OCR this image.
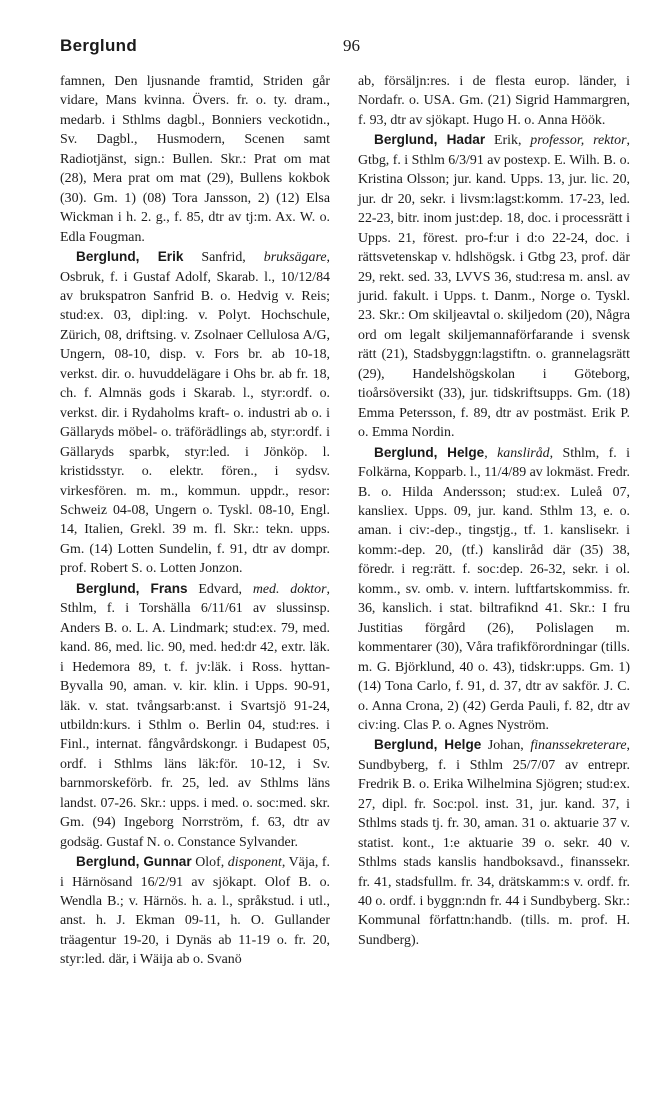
Berglund	96

famnen, Den ljusnande framtid, Striden går vidare, Mans kvinna. Övers. fr. o. ty. dram., medarb. i Sthlms dagbl., Bonniers veckotidn., Sv. Dagbl., Husmodern, Scenen samt Radiotjänst, sign.: Bullen. Skr.: Prat om mat (28), Mera prat om mat (29), Bullens kokbok (30). Gm. 1) (08) Tora Jansson, 2) (12) Elsa Wickman i h. 2. g., f. 85, dtr av tj:m. Ax. W. o. Edla Fougman.

Berglund, Erik Sanfrid, bruksägare, Osbruk, f. i Gustaf Adolf, Skarab. l., 10/12/84 av brukspatron Sanfrid B. o. Hedvig v. Reis; stud:ex. 03, dipl:ing. v. Polyt. Hochschule, Zürich, 08, driftsing. v. Zsolnaer Cellulosa A/G, Ungern, 08-10, disp. v. Fors br. ab 10-18, verkst. dir. o. huvuddelägare i Ohs br. ab fr. 18, ch. f. Almnäs gods i Skarab. l., styr:ordf. o. verkst. dir. i Rydaholms kraft- o. industri ab o. i Gällaryds möbel- o. träförädlings ab, styr:ordf. i Gällaryds sparbk, styr:led. i Jönköp. l. kristidsstyr. o. elektr. fören., i sydsv. virkesfören. m. m., kommun. uppdr., resor: Schweiz 04-08, Ungern o. Tyskl. 08-10, Engl. 14, Italien, Grekl. 39 m. fl. Skr.: tekn. upps. Gm. (14) Lotten Sundelin, f. 91, dtr av dompr. prof. Robert S. o. Lotten Jonzon.

Berglund, Frans Edvard, med. doktor, Sthlm, f. i Torshälla 6/11/61 av slussinsp. Anders B. o. L. A. Lindmark; stud:ex. 79, med. kand. 86, med. lic. 90, med. hed:dr 42, extr. läk. i Hedemora 89, t. f. jv:läk. i Ross. hyttan-Byvalla 90, aman. v. kir. klin. i Upps. 90-91, läk. v. stat. tvångsarb:anst. i Svartsjö 91-24, utbildn:kurs. i Sthlm o. Berlin 04, stud:res. i Finl., internat. fångvårdskongr. i Budapest 05, ordf. i Sthlms läns läk:för. 10-12, i Sv. barnmorskeförb. fr. 25, led. av Sthlms läns landst. 07-26. Skr.: upps. i med. o. soc:med. skr. Gm. (94) Ingeborg Norrström, f. 63, dtr av godsäg. Gustaf N. o. Constance Sylvander.

Berglund, Gunnar Olof, disponent, Väja, f. i Härnösand 16/2/91 av sjökapt. Olof B. o. Wendla B.; v. Härnös. h. a. l., språkstud. i utl., anst. h. J. Ekman 09-11, h. O. Gullander träagentur 19-20, i Dynäs ab 11-19 o. fr. 20, styr:led. där, i Wäija ab o. Svanö

ab, försäljn:res. i de flesta europ. länder, i Nordafr. o. USA. Gm. (21) Sigrid Hammargren, f. 93, dtr av sjökapt. Hugo H. o. Anna Höök.

Berglund, Hadar Erik, professor, rektor, Gtbg, f. i Sthlm 6/3/91 av postexp. E. Wilh. B. o. Kristina Olsson; jur. kand. Upps. 13, jur. lic. 20, jur. dr 20, sekr. i livsm:lagst:komm. 17-23, led. 22-23, bitr. inom just:dep. 18, doc. i processrätt i Upps. 21, förest. pro-f:ur i d:o 22-24, doc. i rättsvetenskap v. hdlshögsk. i Gtbg 23, prof. där 29, rekt. sed. 33, LVVS 36, stud:resa m. ansl. av jurid. fakult. i Upps. t. Danm., Norge o. Tyskl. 23. Skr.: Om skiljeavtal o. skiljedom (20), Några ord om legalt skiljemannaförfarande i svensk rätt (21), Stadsbyggn:lagstiftn. o. grannelagsrätt (29), Handelshögskolan i Göteborg, tioårsöversikt (33), jur. tidskriftsupps. Gm. (18) Emma Petersson, f. 89, dtr av postmäst. Erik P. o. Emma Nordin.

Berglund, Helge, kanslіråd, Sthlm, f. i Folkärna, Kopparb. l., 11/4/89 av lokmäst. Fredr. B. o. Hilda Andersson; stud:ex. Luleå 07, kansliex. Upps. 09, jur. kand. Sthlm 13, e. o. aman. i civ:-dep., tingstjg., tf. 1. kanslisekr. i komm:-dep. 20, (tf.) kansliråd där (35) 38, föredr. i reg:rätt. f. soc:dep. 26-32, sekr. i ol. komm., sv. omb. v. intern. luftfartskommiss. fr. 36, kanslich. i stat. biltrafiknd 41. Skr.: I fru Justitias förgård (26), Polislagen m. kommentarer (30), Våra trafikförordningar (tills. m. G. Björklund, 40 o. 43), tidskr:upps. Gm. 1) (14) Tona Carlo, f. 91, d. 37, dtr av sakför. J. C. o. Anna Crona, 2) (42) Gerda Pauli, f. 82, dtr av civ:ing. Clas P. o. Agnes Nyström.

Berglund, Helge Johan, finanssekreterare, Sundbyberg, f. i Sthlm 25/7/07 av entrepr. Fredrik B. o. Erika Wilhelmina Sjögren; stud:ex. 27, dipl. fr. Soc:pol. inst. 31, jur. kand. 37, i Sthlms stads tj. fr. 30, aman. 31 o. aktuarie 37 v. statist. kont., 1:e aktuarie 39 o. sekr. 40 v. Sthlms stads kanslis handboksavd., finanssekr. fr. 41, stadsfullm. fr. 34, drätskamm:s v. ordf. fr. 40 o. ordf. i byggn:ndn fr. 44 i Sundbyberg. Skr.: Kommunal författn:handb. (tills. m. prof. H. Sundberg).
